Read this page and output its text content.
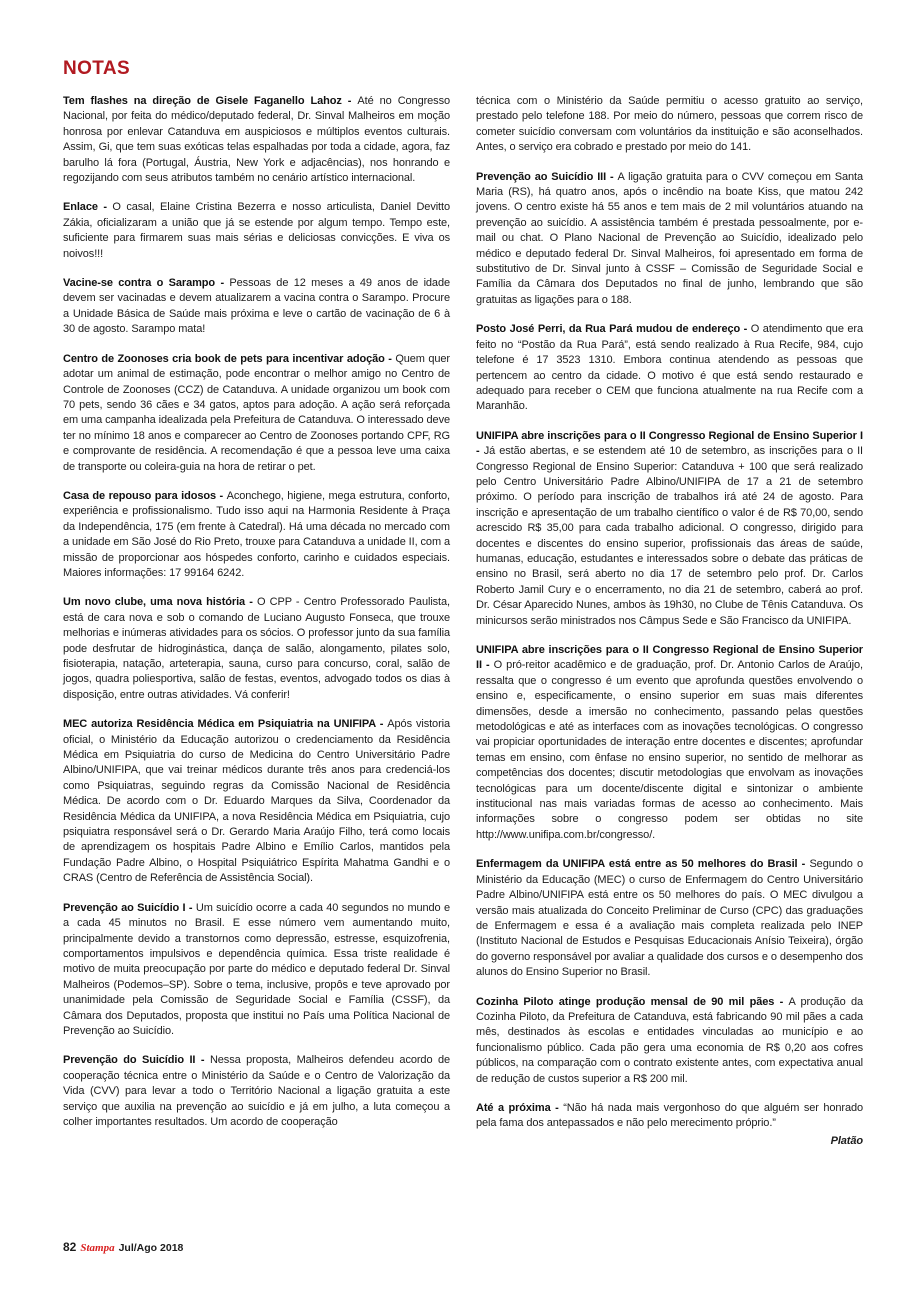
NOTAS

Tem flashes na direção de Gisele Faganello Lahoz - Até no Congresso Nacional, por feita do médico/deputado federal, Dr. Sinval Malheiros em moção honrosa por enlevar Catanduva em auspiciosos e múltiplos eventos culturais. Assim, Gi, que tem suas exóticas telas espalhadas por toda a cidade, agora, faz barulho lá fora (Portugal, Áustria, New York e adjacências), nos honrando e regozijando com seus atributos também no cenário artístico internacional.

Enlace - O casal, Elaine Cristina Bezerra e nosso articulista, Daniel Devitto Zákia, oficializaram a união que já se estende por algum tempo. Tempo este, suficiente para firmarem suas mais sérias e deliciosas convicções. E viva os noivos!!!

Vacine-se contra o Sarampo - Pessoas de 12 meses a 49 anos de idade devem ser vacinadas e devem atualizarem a vacina contra o Sarampo. Procure a Unidade Básica de Saúde mais próxima e leve o cartão de vacinação de 6 à 30 de agosto. Sarampo mata!

Centro de Zoonoses cria book de pets para incentivar adoção - Quem quer adotar um animal de estimação, pode encontrar o melhor amigo no Centro de Controle de Zoonoses (CCZ) de Catanduva. A unidade organizou um book com 70 pets, sendo 36 cães e 34 gatos, aptos para adoção. A ação será reforçada em uma campanha idealizada pela Prefeitura de Catanduva. O interessado deve ter no mínimo 18 anos e comparecer ao Centro de Zoonoses portando CPF, RG e comprovante de residência. A recomendação é que a pessoa leve uma caixa de transporte ou coleira-guia na hora de retirar o pet.

Casa de repouso para idosos - Aconchego, higiene, mega estrutura, conforto, experiência e profissionalismo. Tudo isso aqui na Harmonia Residente à Praça da Independência, 175 (em frente à Catedral). Há uma década no mercado com a unidade em São José do Rio Preto, trouxe para Catanduva a unidade II, com a missão de proporcionar aos hóspedes conforto, carinho e cuidados especiais. Maiores informações: 17 99164 6242.

Um novo clube, uma nova história - O CPP - Centro Professorado Paulista, está de cara nova e sob o comando de Luciano Augusto Fonseca, que trouxe melhorias e inúmeras atividades para os sócios. O professor junto da sua família pode desfrutar de hidroginástica, dança de salão, alongamento, pilates solo, fisioterapia, natação, arteterapia, sauna, curso para concurso, coral, salão de jogos, quadra poliesportiva, salão de festas, eventos, advogado todos os dias à disposição, entre outras atividades. Vá conferir!

MEC autoriza Residência Médica em Psiquiatria na UNIFIPA - Após vistoria oficial, o Ministério da Educação autorizou o credenciamento da Residência Médica em Psiquiatria do curso de Medicina do Centro Universitário Padre Albino/UNIFIPA, que vai treinar médicos durante três anos para credenciá-los como Psiquiatras, seguindo regras da Comissão Nacional de Residência Médica. De acordo com o Dr. Eduardo Marques da Silva, Coordenador da Residência Médica da UNIFIPA, a nova Residência Médica em Psiquiatria, cujo psiquiatra responsável será o Dr. Gerardo Maria Araújo Filho, terá como locais de aprendizagem os hospitais Padre Albino e Emílio Carlos, mantidos pela Fundação Padre Albino, o Hospital Psiquiátrico Espírita Mahatma Gandhi e o CRAS (Centro de Referência de Assistência Social).

Prevenção ao Suicídio I - Um suicídio ocorre a cada 40 segundos no mundo e a cada 45 minutos no Brasil. E esse número vem aumentando muito, principalmente devido a transtornos como depressão, estresse, esquizofrenia, comportamentos impulsivos e dependência química. Essa triste realidade é motivo de muita preocupação por parte do médico e deputado federal Dr. Sinval Malheiros (Podemos–SP). Sobre o tema, inclusive, propôs e teve aprovado por unanimidade pela Comissão de Seguridade Social e Família (CSSF), da Câmara dos Deputados, proposta que institui no País uma Política Nacional de Prevenção ao Suicídio.

Prevenção do Suicídio II - Nessa proposta, Malheiros defendeu acordo de cooperação técnica entre o Ministério da Saúde e o Centro de Valorização da Vida (CVV) para levar a todo o Território Nacional a ligação gratuita a este serviço que auxilia na prevenção ao suicídio e já em julho, a luta começou a colher importantes resultados. Um acordo de cooperação

técnica com o Ministério da Saúde permitiu o acesso gratuito ao serviço, prestado pelo telefone 188. Por meio do número, pessoas que correm risco de cometer suicídio conversam com voluntários da instituição e são aconselhados. Antes, o serviço era cobrado e prestado por meio do 141.

Prevenção ao Suicídio III - A ligação gratuita para o CVV começou em Santa Maria (RS), há quatro anos, após o incêndio na boate Kiss, que matou 242 jovens. O centro existe há 55 anos e tem mais de 2 mil voluntários atuando na prevenção ao suicídio. A assistência também é prestada pessoalmente, por e-mail ou chat. O Plano Nacional de Prevenção ao Suicídio, idealizado pelo médico e deputado federal Dr. Sinval Malheiros, foi apresentado em forma de substitutivo de Dr. Sinval junto à CSSF – Comissão de Seguridade Social e Família da Câmara dos Deputados no final de junho, lembrando que são gratuitas as ligações para o 188.

Posto José Perri, da Rua Pará mudou de endereço - O atendimento que era feito no “Postão da Rua Pará”, está sendo realizado à Rua Recife, 984, cujo telefone é 17 3523 1310. Embora continua atendendo as pessoas que pertencem ao centro da cidade. O motivo é que está sendo restaurado e adequado para receber o CEM que funciona atualmente na rua Recife com a Maranhão.

UNIFIPA abre inscrições para o II Congresso Regional de Ensino Superior I - Já estão abertas, e se estendem até 10 de setembro, as inscrições para o II Congresso Regional de Ensino Superior: Catanduva + 100 que será realizado pelo Centro Universitário Padre Albino/UNIFIPA de 17 a 21 de setembro próximo. O período para inscrição de trabalhos irá até 24 de agosto. Para inscrição e apresentação de um trabalho científico o valor é de R$ 70,00, sendo acrescido R$ 35,00 para cada trabalho adicional. O congresso, dirigido para docentes e discentes do ensino superior, profissionais das áreas de saúde, humanas, educação, estudantes e interessados sobre o debate das práticas de ensino no Brasil, será aberto no dia 17 de setembro pelo prof. Dr. Carlos Roberto Jamil Cury e o encerramento, no dia 21 de setembro, caberá ao prof. Dr. César Aparecido Nunes, ambos às 19h30, no Clube de Tênis Catanduva. Os minicursos serão ministrados nos Câmpus Sede e São Francisco da UNIFIPA.

UNIFIPA abre inscrições para o II Congresso Regional de Ensino Superior II - O pró-reitor acadêmico e de graduação, prof. Dr. Antonio Carlos de Araújo, ressalta que o congresso é um evento que aprofunda questões envolvendo o ensino e, especificamente, o ensino superior em suas mais diferentes dimensões, desde a imersão no conhecimento, passando pelas questões metodológicas e até as interfaces com as inovações tecnológicas. O congresso vai propiciar oportunidades de interação entre docentes e discentes; aprofundar temas em ensino, com ênfase no ensino superior, no sentido de melhorar as competências dos docentes; discutir metodologias que envolvam as inovações tecnológicas para um docente/discente digital e sintonizar o ambiente institucional nas mais variadas formas de acesso ao conhecimento. Mais informações sobre o congresso podem ser obtidas no site http://www.unifipa.com.br/congresso/.

Enfermagem da UNIFIPA está entre as 50 melhores do Brasil - Segundo o Ministério da Educação (MEC) o curso de Enfermagem do Centro Universitário Padre Albino/UNIFIPA está entre os 50 melhores do país. O MEC divulgou a versão mais atualizada do Conceito Preliminar de Curso (CPC) das graduações de Enfermagem e essa é a avaliação mais completa realizada pelo INEP (Instituto Nacional de Estudos e Pesquisas Educacionais Anísio Teixeira), órgão do governo responsável por avaliar a qualidade dos cursos e o desempenho dos alunos do Ensino Superior no Brasil.

Cozinha Piloto atinge produção mensal de 90 mil pães - A produção da Cozinha Piloto, da Prefeitura de Catanduva, está fabricando 90 mil pães a cada mês, destinados às escolas e entidades vinculadas ao município e ao funcionalismo público. Cada pão gera uma economia de R$ 0,20 aos cofres públicos, na comparação com o contrato existente antes, com expectativa anual de redução de custos superior a R$ 200 mil.

Até a próxima - “Não há nada mais vergonhoso do que alguém ser honrado pela fama dos antepassados e não pelo merecimento próprio.”
Platão

82 Stampa Jul/Ago 2018
